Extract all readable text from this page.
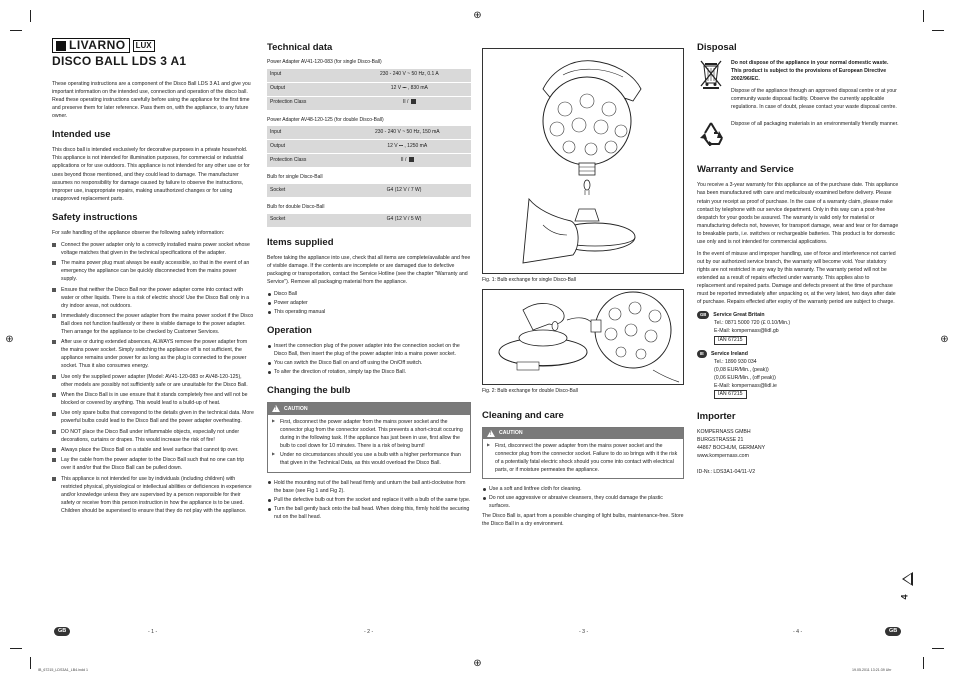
⊕
⊕
⊕	⊕
LIVARNO	LUX
DISCO BALL LDS 3 A1

These operating instructions are a component of the Disco Ball LDS 3 A1 and give you important information on the intended use, connection and operation of the disco ball. Read these operating instructions carefully before using the appliance for the first time and preserve them for later reference. Pass them on, with the appliance, to any future owner.

Intended use

This disco ball is intended exclusively for decorative purposes in a private household. This appliance is not intended for illumination purposes, for commercial or industrial applications or for use outdoors. This appliance is not intended for any other use or for uses beyond those mentioned, and they could lead to damage. The manufacturer assumes no responsibility for damage caused by failure to observe the instructions, improper use, inappropriate repairs, making unauthorized changes or for using unapproved replacement parts.

Safety instructions

For safe handling of the appliance observe the following safety information:

Connect the power adapter only to a correctly installed mains power socket whose voltage matches that given in the technical specifications of the adapter.
The mains power plug must always be easily accessible, so that in the event of an emergency the appliance can be quickly disconnected from the mains power supply.
Ensure that neither the Disco Ball nor the power adapter come into contact with water or other liquids. There is a risk of electric shock! Use the Disco Ball only in a dry indoor areas, not outdoors.
Immediately disconnect the power adapter from the mains power socket if the Disco Ball does not function faultlessly or there is visible damage to the power adapter. Then arrange for the appliance to be checked by Customer Services.
After use or during extended absences, ALWAYS remove the power adapter from the mains power socket. Simply switching the appliance off is not sufficient, the appliance remains under power for as long as the plug is connected to the power socket. Thus it also consumes energy.
Use only the supplied power adapter (Model: AV41-120-083 or AV48-120-125), other models are possibly not sufficiently safe or are unsuitable for the Disco Ball.
When the Disco Ball is in use ensure that it stands completely free and will not be blocked or covered by anything. This would lead to a build-up of heat.
Use only spare bulbs that correspond to the details given in the technical data. More powerful bulbs could lead to the Disco Ball and the power adapter overheating.
DO NOT place the Disco Ball under inflammable objects, especially not under decorations, curtains or drapes. This would increase the risk of fire!
Always place the Disco Ball on a stable and level surface that cannot tip over.
Lay the cable from the power adapter to the Disco Ball such that no one can trip over it and/or that the Disco Ball can be pulled down.
This appliance is not intended for use by individuals (including children) with restricted physical, physiological or intellectual abilities or deficiences in experience and/or knowledge unless they are supervised by a person responsible for their safety or receive from this person instruction in how the appliance is to be used. Children should be supervised to ensure that they do not play with the appliance.
Technical data
Power Adapter AV41-120-083 (for single Disco-Ball)
Input	230 - 240 V ~ 50 Hz, 0.1 A
Output	12 V ⎓ , 830 mA
Protection Class	II /
Power Adapter AV48-120-125 (for double Disco-Ball)
Input	230 - 240 V ~ 50 Hz, 150 mA
Output	12 V ⎓ , 1250 mA
Protection Class	II /
Bulb for single Disco-Ball
Socket	G4 (12 V / 7 W)
Bulb for double Disco-Ball
Socket	G4 (12 V / 5 W)
Items supplied

Before taking the appliance into use, check that all items are complete/available and free of visible damage. If the contents are incomplete or are damaged due to defective packaging or transportation, contact the Service Hotline (see the chapter "Warranty and Service"). Remove all packaging material from the appliance.

Disco Ball
Power adapter
This operating manual
Operation
Insert the connection plug of the power adapter into the connection socket on the Disco Ball, then insert the plug of the power adapter into a mains power socket.
You can switch the Disco Ball on and off using the On/Off switch.
To alter the direction of rotation, simply tap the Disco Ball.
Changing the bulb
!
CAUTION
▶ First, disconnect the power adapter from the mains power socket and the connector plug from the connector socket. This prevents a short-circuit occuring during in the following task. If the appliance has just been in use, first allow the bulb to cool down for 10 minutes. There is a risk of being burnt!
▶ Under no circumstances should you use a bulb with a higher performance than that given in the Technical Data, as this would overload the Disco Ball.
Hold the mounting nut of the ball head firmly and unturn the ball anti-clockwise from the base (see Fig 1 and Fig 2).
Pull the defective bulb out from the socket and replace it with a bulb of the same type.
Turn the ball gently back onto the ball head. When doing this, firmly hold the securing nut on the ball head.
Fig. 1: Bulb exchange for single Disco-Ball
Fig. 2: Bulb exchange for double Disco-Ball
Cleaning and care
!
CAUTION
▶ First, disconnect the power adapter from the mains power socket and the connector plug from the connector socket. Failure to do so brings with it the risk of a potentially fatal electric shock should you come into contact with electrical parts, or if moisture permeates the appliance.
Use a soft and lintfree cloth for cleaning.
Do not use aggressive or abrasive cleansers, they could damage the plastic surfaces.

The Disco Ball is, apart from a possible changing of light bulbs, maintenance-free. Store the Disco Ball in a dry environment.

Disposal

Do not dispose of the appliance in your normal domestic waste. This product is subject to the provisions of European Directive 2002/96/EC.

Dispose of the appliance through an approved disposal centre or at your community waste disposal facility. Observe the currently applicable regulations. In case of doubt, please contact your waste disposal centre.

Dispose of all packaging materials in an environmentally friendly manner.

Warranty and Service

You receive a 3-year warranty for this appliance as of the purchase date. This appliance has been manufactured with care and meticulously examined before delivery. Please retain your receipt as proof of purchase. In the case of a warranty claim, please make contact by telephone with our service department. Only in this way can a post-free despatch for your goods be assured. The warranty is valid only for material or manufacturing defects not, however, for transport damage, wear and tear or for damage to breakable parts, i.e. switches or rechargeable batteries. This product is for domestic use only and is not intended for commercial applications.

In the event of misuse and improper handling, use of force and interference not carried out by our authorized service branch, the warranty will become void. Your statutory rights are not restricted in any way by this warranty. The warranty period will not be extended as a result of repairs effected under warranty. This applies also to replacement and repaired parts. Damage and defects present at the time of purchase must be reported immediately after unpacking or, at the very latest, two days after date of purchase. Repairs effected after expiry of the warranty period are subject to charge.

GB	Service Great Britain
Tel.: 0871 5000 720 (£ 0.10/Min.)
E-Mail: kompernass@lidl.gb
IAN 67215
IE	Service Ireland
Tel.: 1890 930 034
(0,08 EUR/Min., (peak))
(0,06 EUR/Min., (off peak))
E-Mail: kompernass@lidl.ie
IAN 67215
Importer
KOMPERNASS GMBH
BURGSTRASSE 21
44867 BOCHUM, GERMANY
www.kompernass.com
ID-Nr.: LDS3A1-04/11-V2
4
GB	- 1 -	- 2 -	- 3 -	- 4 -	GB
IB_67215_LDS3A1_LB4.indd 1	19.05.2011 13:21:39 Uhr
